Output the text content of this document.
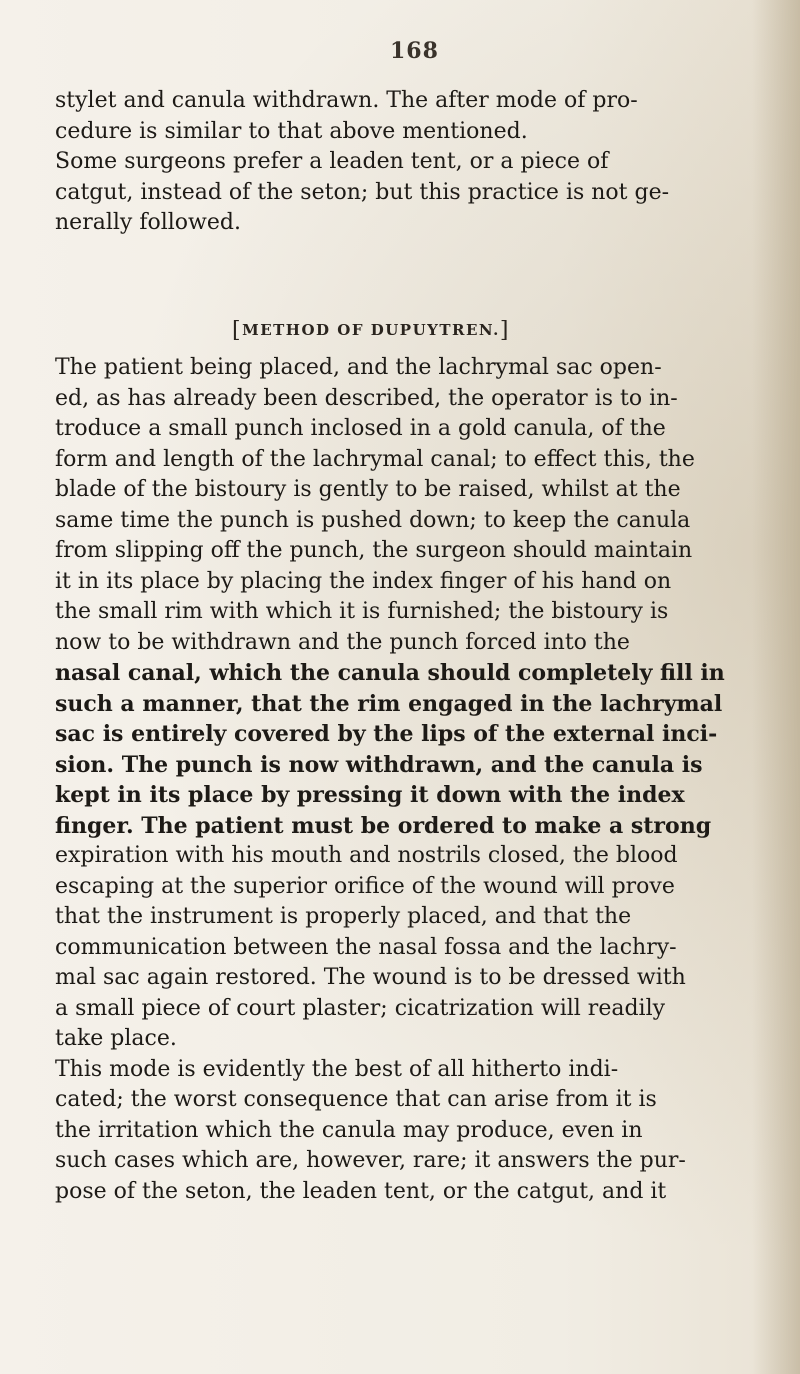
168
stylet and canula withdrawn. The after mode of pro-
cedure is similar to that above mentioned.
Some surgeons prefer a leaden tent, or a piece of
catgut, instead of the seton; but this practice is not ge-
nerally followed.
[METHOD OF DUPUYTREN.]
The patient being placed, and the lachrymal sac open-
ed, as has already been described, the operator is to in-
troduce a small punch inclosed in a gold canula, of the
form and length of the lachrymal canal; to effect this, the
blade of the bistoury is gently to be raised, whilst at the
same time the punch is pushed down; to keep the canula
from slipping off the punch, the surgeon should maintain
it in its place by placing the index finger of his hand on
the small rim with which it is furnished; the bistoury is
now to be withdrawn and the punch forced into the
nasal canal, which the canula should completely fill in
such a manner, that the rim engaged in the lachrymal
sac is entirely covered by the lips of the external inci-
sion. The punch is now withdrawn, and the canula is
kept in its place by pressing it down with the index
finger. The patient must be ordered to make a strong
expiration with his mouth and nostrils closed, the blood
escaping at the superior orifice of the wound will prove
that the instrument is properly placed, and that the
communication between the nasal fossa and the lachry-
mal sac again restored. The wound is to be dressed with
a small piece of court plaster; cicatrization will readily
take place.
This mode is evidently the best of all hitherto indi-
cated; the worst consequence that can arise from it is
the irritation which the canula may produce, even in
such cases which are, however, rare; it answers the pur-
pose of the seton, the leaden tent, or the catgut, and it
